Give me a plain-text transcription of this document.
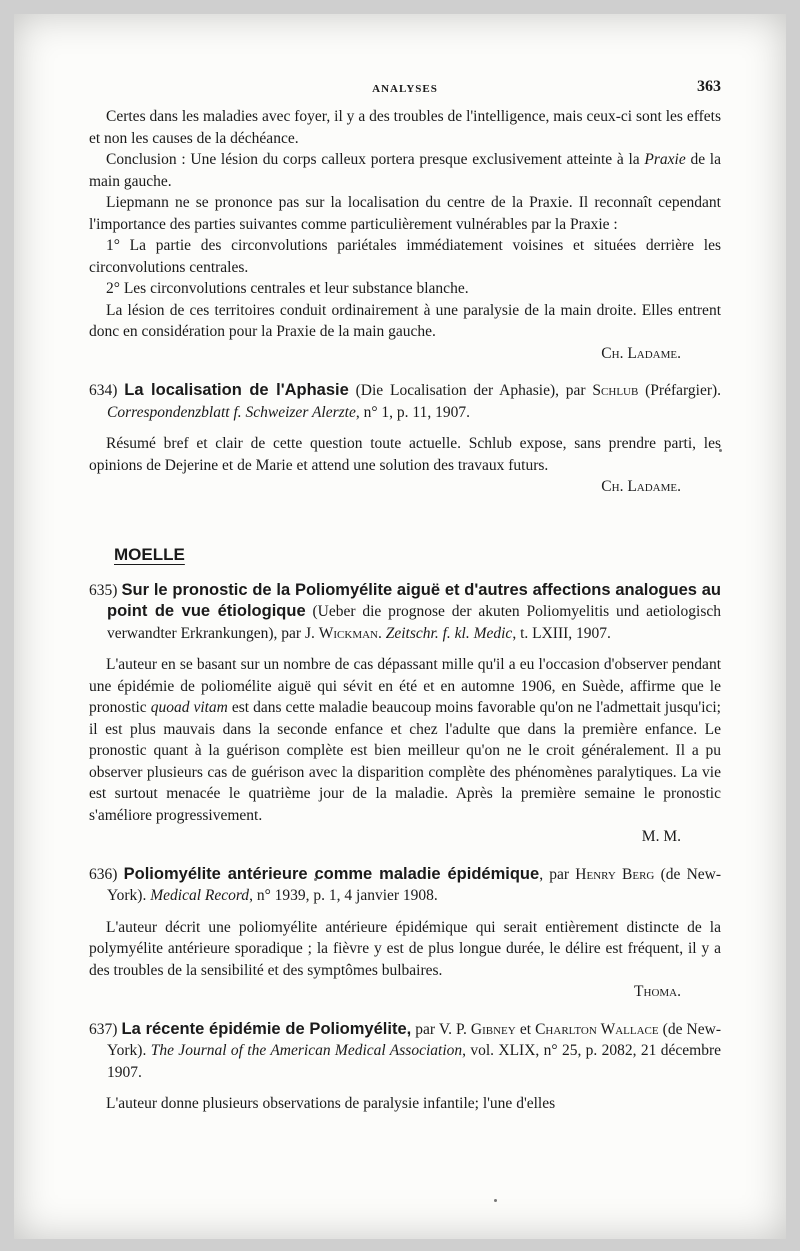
ANALYSES	363

Certes dans les maladies avec foyer, il y a des troubles de l'intelligence, mais ceux-ci sont les effets et non les causes de la déchéance.

Conclusion : Une lésion du corps calleux portera presque exclusivement atteinte à la Praxie de la main gauche.

Liepmann ne se prononce pas sur la localisation du centre de la Praxie. Il reconnaît cependant l'importance des parties suivantes comme particulièrement vulnérables par la Praxie :

1° La partie des circonvolutions pariétales immédiatement voisines et situées derrière les circonvolutions centrales.

2° Les circonvolutions centrales et leur substance blanche.

La lésion de ces territoires conduit ordinairement à une paralysie de la main droite. Elles entrent donc en considération pour la Praxie de la main gauche.

Ch. Ladame.

634) La localisation de l'Aphasie (Die Localisation der Aphasie), par Schlub (Préfargier). Correspondenzblatt f. Schweizer Alerzte, n° 1, p. 11, 1907.

Résumé bref et clair de cette question toute actuelle. Schlub expose, sans prendre parti, les opinions de Dejerine et de Marie et attend une solution des travaux futurs.

Ch. Ladame.

MOELLE

635) Sur le pronostic de la Poliomyélite aiguë et d'autres affections analogues au point de vue étiologique (Ueber die prognose der akuten Poliomyelitis und aetiologisch verwandter Erkrankungen), par J. Wickman. Zeitschr. f. kl. Medic, t. LXIII, 1907.

L'auteur en se basant sur un nombre de cas dépassant mille qu'il a eu l'occasion d'observer pendant une épidémie de poliomélite aiguë qui sévit en été et en automne 1906, en Suède, affirme que le pronostic quoad vitam est dans cette maladie beaucoup moins favorable qu'on ne l'admettait jusqu'ici; il est plus mauvais dans la seconde enfance et chez l'adulte que dans la première enfance. Le pronostic quant à la guérison complète est bien meilleur qu'on ne le croit généralement. Il a pu observer plusieurs cas de guérison avec la disparition complète des phénomènes paralytiques. La vie est surtout menacée le quatrième jour de la maladie. Après la première semaine le pronostic s'améliore progressivement.

M. M.

636) Poliomyélite antérieure comme maladie épidémique, par Henry Berg (de New-York). Medical Record, n° 1939, p. 1, 4 janvier 1908.

L'auteur décrit une poliomyélite antérieure épidémique qui serait entièrement distincte de la polymyélite antérieure sporadique ; la fièvre y est de plus longue durée, le délire est fréquent, il y a des troubles de la sensibilité et des symptômes bulbaires.

Thoma.

637) La récente épidémie de Poliomyélite, par V. P. Gibney et Charlton Wallace (de New-York). The Journal of the American Medical Association, vol. XLIX, n° 25, p. 2082, 21 décembre 1907.

L'auteur donne plusieurs observations de paralysie infantile; l'une d'elles
